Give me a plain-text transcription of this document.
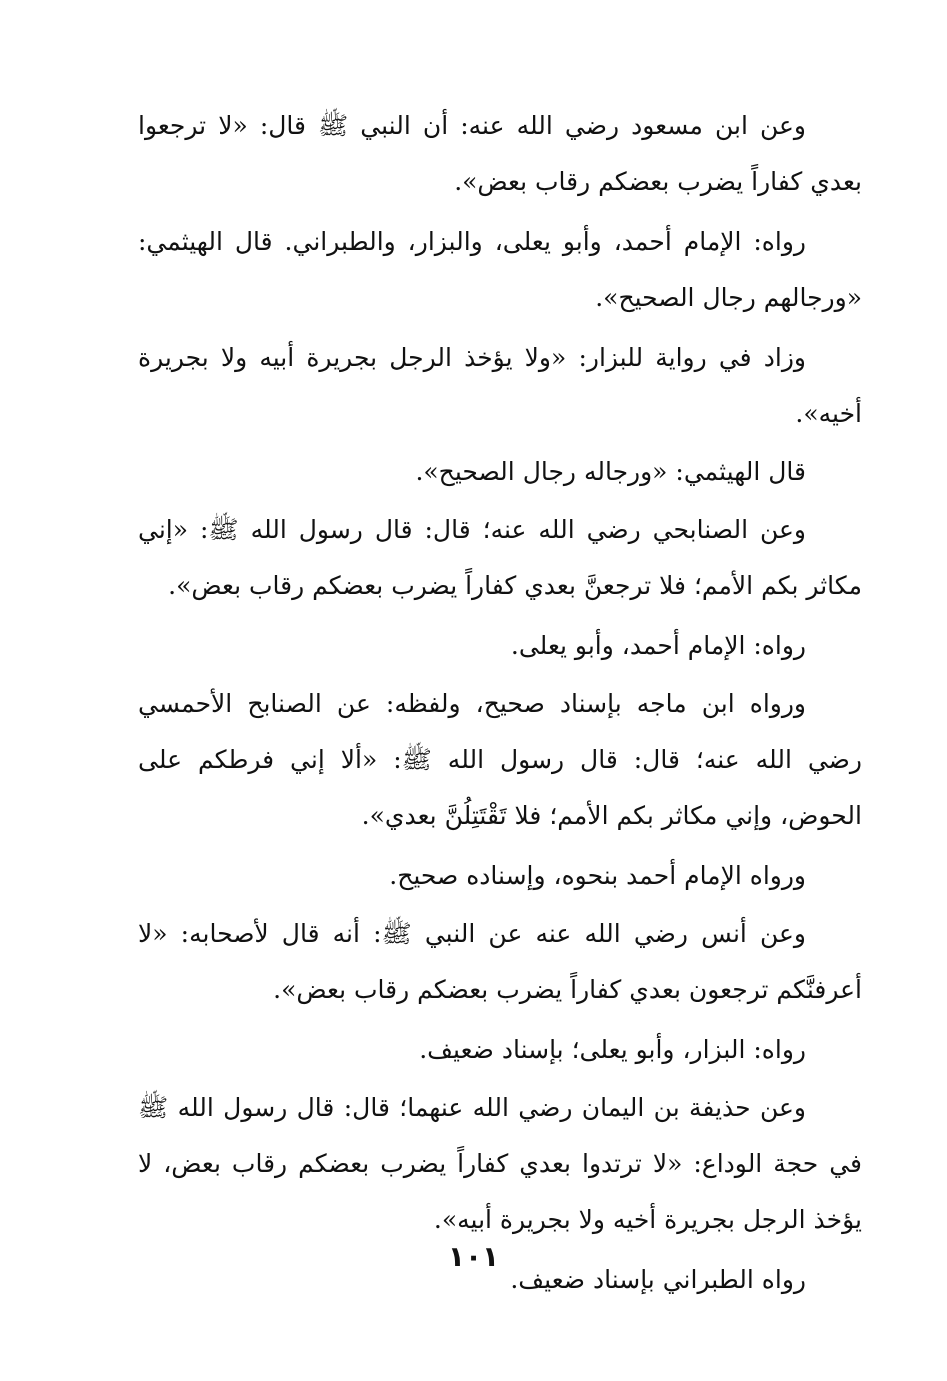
وعن ابن مسعود رضي الله عنه: أن النبي ﷺ قال: «لا ترجعوا بعدي كفاراً يضرب بعضكم رقاب بعض».

رواه: الإمام أحمد، وأبو يعلى، والبزار، والطبراني. قال الهيثمي: «ورجالهم رجال الصحيح».

وزاد في رواية للبزار: «ولا يؤخذ الرجل بجريرة أبيه ولا بجريرة أخيه».

قال الهيثمي: «ورجاله رجال الصحيح».

وعن الصنابحي رضي الله عنه؛ قال: قال رسول الله ﷺ: «إني مكاثر بكم الأمم؛ فلا ترجعنَّ بعدي كفاراً يضرب بعضكم رقاب بعض».

رواه: الإمام أحمد، وأبو يعلى.

ورواه ابن ماجه بإسناد صحيح، ولفظه: عن الصنابح الأحمسي رضي الله عنه؛ قال: قال رسول الله ﷺ: «ألا إني فرطكم على الحوض، وإني مكاثر بكم الأمم؛ فلا تَقْتَتِلُنَّ بعدي».

ورواه الإمام أحمد بنحوه، وإسناده صحيح.

وعن أنس رضي الله عنه عن النبي ﷺ: أنه قال لأصحابه: «لا أعرفنَّكم ترجعون بعدي كفاراً يضرب بعضكم رقاب بعض».

رواه: البزار، وأبو يعلى؛ بإسناد ضعيف.

وعن حذيفة بن اليمان رضي الله عنهما؛ قال: قال رسول الله ﷺ في حجة الوداع: «لا ترتدوا بعدي كفاراً يضرب بعضكم رقاب بعض، لا يؤخذ الرجل بجريرة أخيه ولا بجريرة أبيه».

رواه الطبراني بإسناد ضعيف.

١٠١
